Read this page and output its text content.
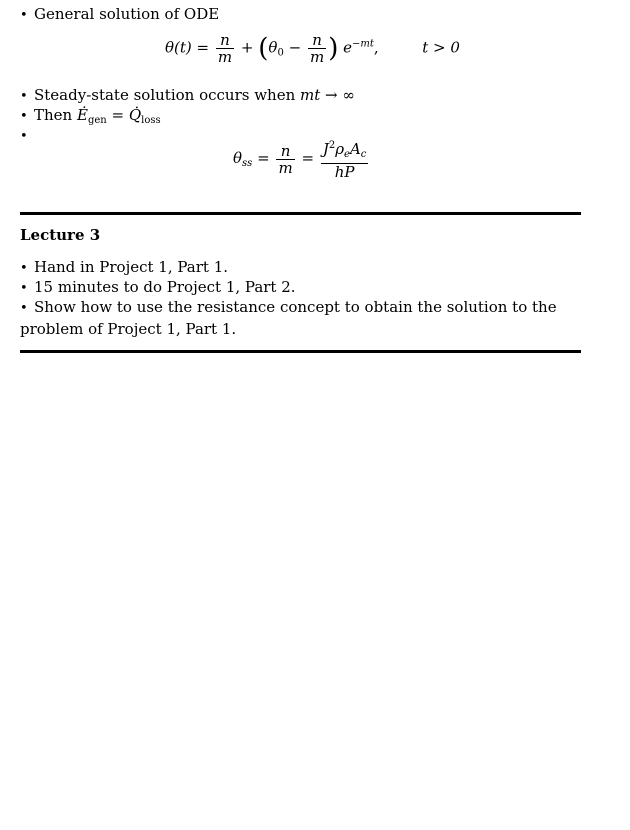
• General solution of ODE
$\theta(t) = \frac{n}{m} + (\theta_0 - \frac{n}{m}$ ) $e^{-mt}$,	t > 0
• Steady-state solution occurs when mt → ∞
• Then $Ė_{gen}$ = $Q̇_{loss}$
•
$\theta_{ss} = \frac{n}{m} = \frac{J^2\rho_eA_c}{hP}$
Lecture 3
• Hand in Project 1, Part 1.
• 15 minutes to do Project 1, Part 2.
• Show how to use the resistance concept to obtain the solution to the problem of Project 1, Part 1.
